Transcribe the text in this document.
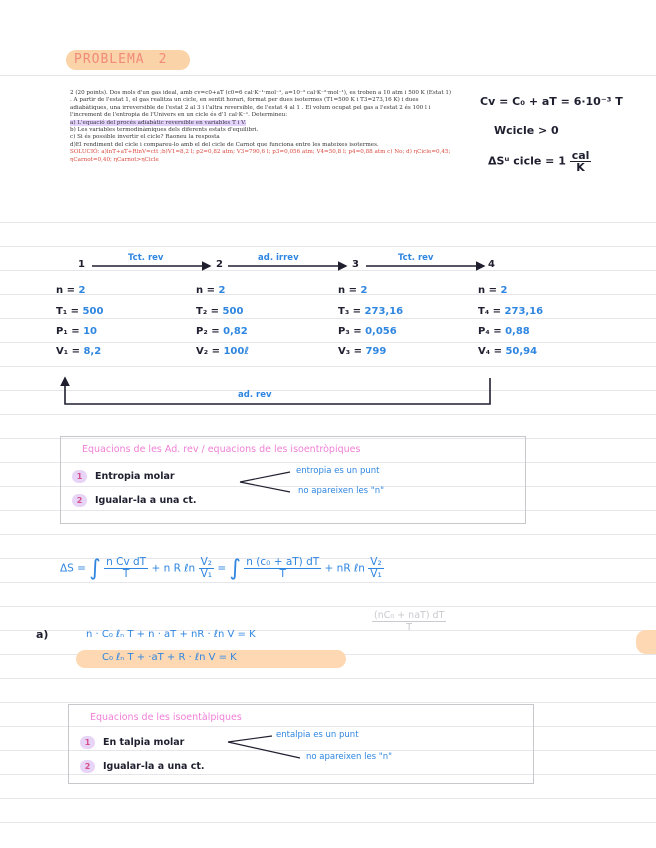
PROBLEMA 2

2 (20 points). Dos mols d'un gas ideal, amb cv=c0+aT (c0=6 cal·K⁻¹·mol⁻¹, a=10⁻³ cal·K⁻²·mol⁻¹), es troben a 10 atm i 500 K (Estat 1) . A partir de l'estat 1, el gas realitza un cicle, en sentit horari, format per dues isotermes (T1=500 K i T3=273,16 K) i dues adiabàtiques, una irreversible de l'estat 2 al 3 i l'altra reversible, de l'estat 4 al 1 . El volum ocupat pel gas a l'estat 2 és 100 l i l'increment de l'entropia de l'Univers en un cicle és d'1 cal·K⁻¹. Determineu:

a) L'equació del procés adiabàtic reversible en variables T i V.

b) Les variables termodinàmiques dels diferents estats d'equilibri.

c) Si és possible invertir el cicle? Raoneu la resposta

d)El rendiment del cicle i compareu-lo amb el del cicle de Carnot que funciona entre les mateixes isotermes.

SOLUCIÓ: a)lnT+aT+RlnV=ctt ;b)V1=8,2 l; p2=0,82 atm; V3=790,6 l; p3=0,056 atm; V4=50,8 l; p4=0,88 atm c) No; d) ηCicle=0,45; ηCarnot=0,40; ηCarnot>ηCicle

Cv = C₀ + aT = 6·10⁻³ T
Wcicle > 0
ΔSᵘ cicle = $1 \frac{\text{cal}}{K}$
1	2	3	4
Tct. rev	ad. irrev	Tct. rev
ad. rev
n = 2
T₁ = 500
P₁ = 10
V₁ = 8,2
n = 2
T₂ = 500
P₂ = 0,82
V₂ = 100ℓ
n = 2
T₃ = 273,16
P₃ = 0,056
V₃ = 799
n = 2
T₄ = 273,16
P₄ = 0,88
V₄ = 50,94
Equacions de les Ad. rev / equacions de les isoentròpiques
1 Entropia molar
2 Igualar-la a una ct.
entropia es un punt
no apareixen les "n"
ΔS = ∫ $\frac{\text{n Cv dT}}{T} + n$ R ℓn $\frac{\text{V₂}}{\text{V₁}}$ = ∫ $\frac{\text{n (c₀ + aT) dT}}{T}$ + nR ℓn $\frac{\text{V₂}}{\text{V₁}}$
$\frac{\text{(nC₀ + naT) dT}}{T}$
a)	n · C₀ ℓₙ T + n · aT + nR · ℓn V = K
C₀ ℓₙ T + ·aT + R · ℓn V = K
Equacions de les isoentàlpiques
1 En talpia molar
2 Igualar-la a una ct.
entalpia es un punt
no apareixen les "n"
